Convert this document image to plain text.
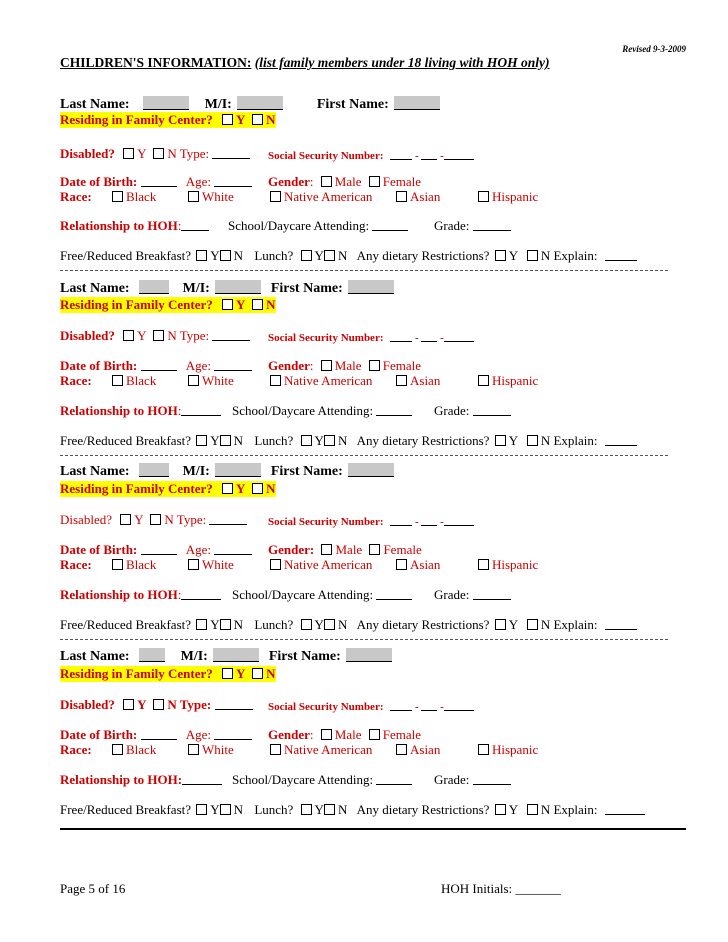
Revised 9-3-2009
CHILDREN'S INFORMATION: (list family members under 18 living with HOH only)
Last Name:	M/I:	First Name:
Residing in Family Center? Y N
Disabled? Y N Type:	Social Security Number:	- -
Date of Birth:	Age:	Gender: Male Female
Race:	Black	White	Native American	Asian	Hispanic
Relationship to HOH:	School/Daycare Attending:	Grade:
Free/Reduced Breakfast? Y N Lunch? Y N Any dietary Restrictions? Y N Explain:
Last Name:	M/I:	First Name:
Residing in Family Center? Y N
Disabled? Y N Type:	Social Security Number:	- -
Date of Birth:	Age:	Gender: Male Female
Race:	Black	White	Native American	Asian	Hispanic
Relationship to HOH:	School/Daycare Attending:	Grade:
Free/Reduced Breakfast? Y N Lunch? Y N Any dietary Restrictions? Y N Explain:
Last Name:	M/I:	First Name:
Residing in Family Center? Y N
Disabled? Y N Type:	Social Security Number:	- -
Date of Birth:	Age:	Gender: Male Female
Race:	Black	White	Native American	Asian	Hispanic
Relationship to HOH:	School/Daycare Attending:	Grade:
Free/Reduced Breakfast? Y N Lunch? Y N Any dietary Restrictions? Y N Explain:
Last Name:	M/I:	First Name:
Residing in Family Center? Y N
Disabled? Y N Type:	Social Security Number:	- -
Date of Birth:	Age:	Gender: Male Female
Race:	Black	White	Native American	Asian	Hispanic
Relationship to HOH:	School/Daycare Attending:	Grade:
Free/Reduced Breakfast? Y N Lunch? Y N Any dietary Restrictions? Y N Explain:
Page 5 of 16	HOH Initials: _______
